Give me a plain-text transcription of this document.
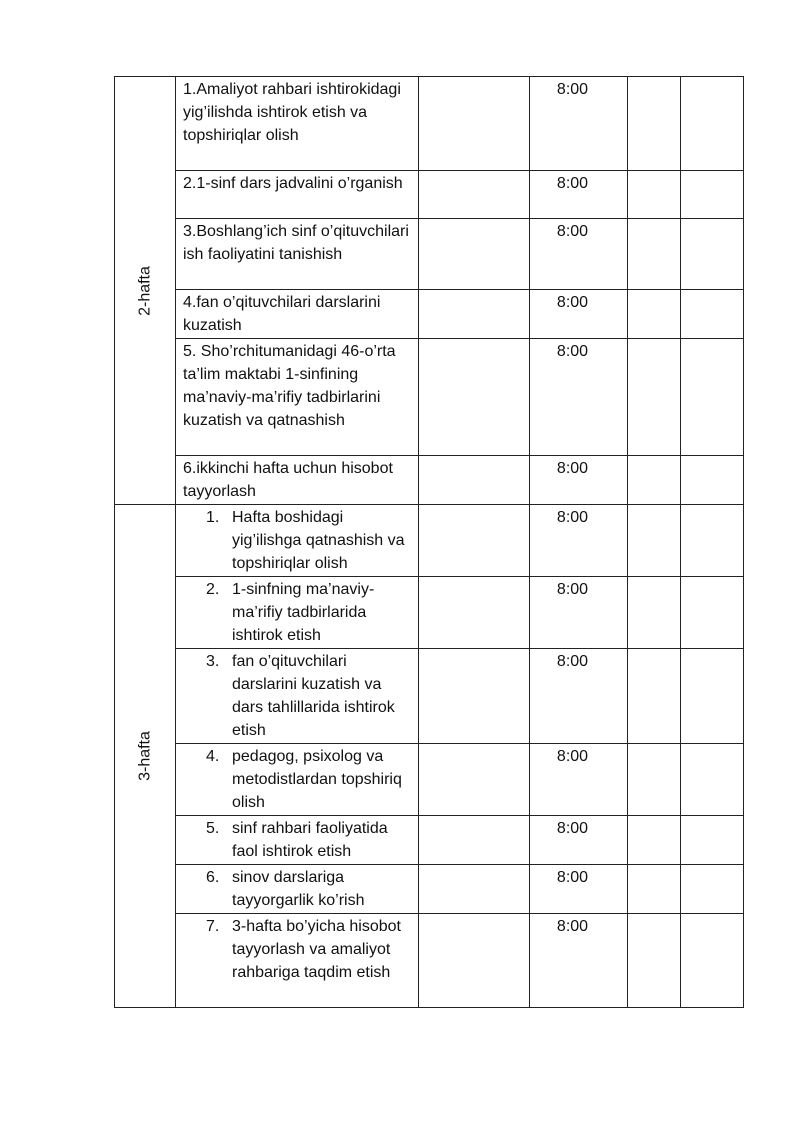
2-hafta	1.Amaliyot rahbari ishtirokidagi yig’ilishda ishtirok etish va topshiriqlar olish		8:00		

	2.1-sinf dars jadvalini o’rganish		8:00		

	3.Boshlang’ich sinf o’qituvchilari ish faoliyatini tanishish		8:00		

	4.fan o’qituvchilari darslarini kuzatish		8:00		

	5. Sho’rchitumanidagi 46-o’rta ta’lim maktabi 1-sinfining ma’naviy-ma’rifiy tadbirlarini kuzatish va qatnashish		8:00		

	6.ikkinchi hafta uchun hisobot tayyorlash		8:00		

3-hafta	1. Hafta boshidagi yig’ilishga qatnashish va topshiriqlar olish		8:00		

	2. 1-sinfning ma’naviy-ma’rifiy tadbirlarida ishtirok etish		8:00		

	3. fan o’qituvchilari darslarini kuzatish va dars tahlillarida ishtirok etish		8:00		

	4. pedagog, psixolog va metodistlardan topshiriq olish		8:00		

	5. sinf rahbari faoliyatida faol ishtirok etish		8:00		

	6. sinov darslariga tayyorgarlik ko’rish		8:00		

	7. 3-hafta bo’yicha hisobot tayyorlash va amaliyot rahbariga taqdim etish		8:00		
